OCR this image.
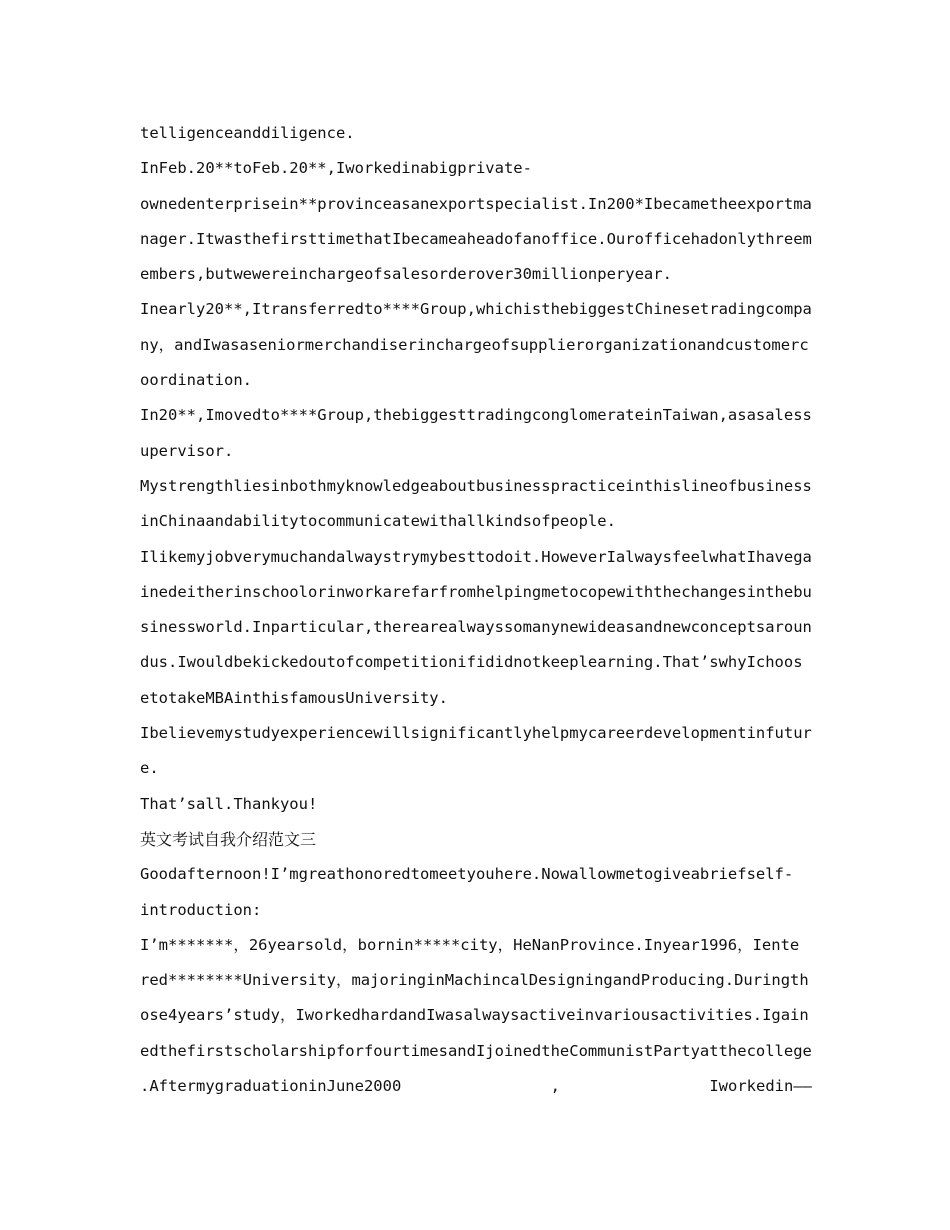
telligenceanddiligence.
InFeb.20**toFeb.20**,Iworkedinabigprivate-
ownedenterprisein**provinceasanexportspecialist.In200*Ibecametheexportma
nager.ItwasthefirsttimethatIbecameaheadofanoffice.Ourofficehadonlythreem
embers,butwewereinchargeofsalesorderover30millionperyear.
Inearly20**,Itransferredto****Group,whichisthebiggestChinesetradingcompa
ny，andIwasaseniormerchandiserinchargeofsupplierorganizationandcustomerc
oordination.
In20**,Imovedto****Group,thebiggesttradingconglomerateinTaiwan,asasaless
upervisor.
Mystrengthliesinbothmyknowledgeaboutbusinesspracticeinthislineofbusiness
inChinaandabilitytocommunicatewithallkindsofpeople.
Ilikemyjobverymuchandalwaystrymybesttodoit.HoweverIalwaysfeelwhatIhavega
inedeitherinschoolorinworkarefarfromhelpingmetocopewiththechangesinthebu
sinessworld.Inparticular,therearealwayssomanynewideasandnewconceptsaroun
dus.Iwouldbekickedoutofcompetitionifididnotkeeplearning.That’swhyIchoos
etotakeMBAinthisfamousUniversity.
Ibelievemystudyexperiencewillsignificantlyhelpmycareerdevelopmentinfutur
e.
That’sall.Thankyou!
英文考试自我介绍范文三
Goodafternoon!I’mgreathonoredtomeetyouhere.Nowallowmetogiveabriefself-
introduction:
I’m*******，26yearsold，bornin*****city，HeNanProvince.Inyear1996，Iente
red********University，majoringinMachincalDesigningandProducing.Duringth
ose4years’study，IworkedhardandIwasalwaysactiveinvariousactivities.Igain
edthefirstscholarshipforfourtimesandIjoinedtheCommunistPartyatthecollege
.AftermygraduationinJune2000	,	Iworkedin——
